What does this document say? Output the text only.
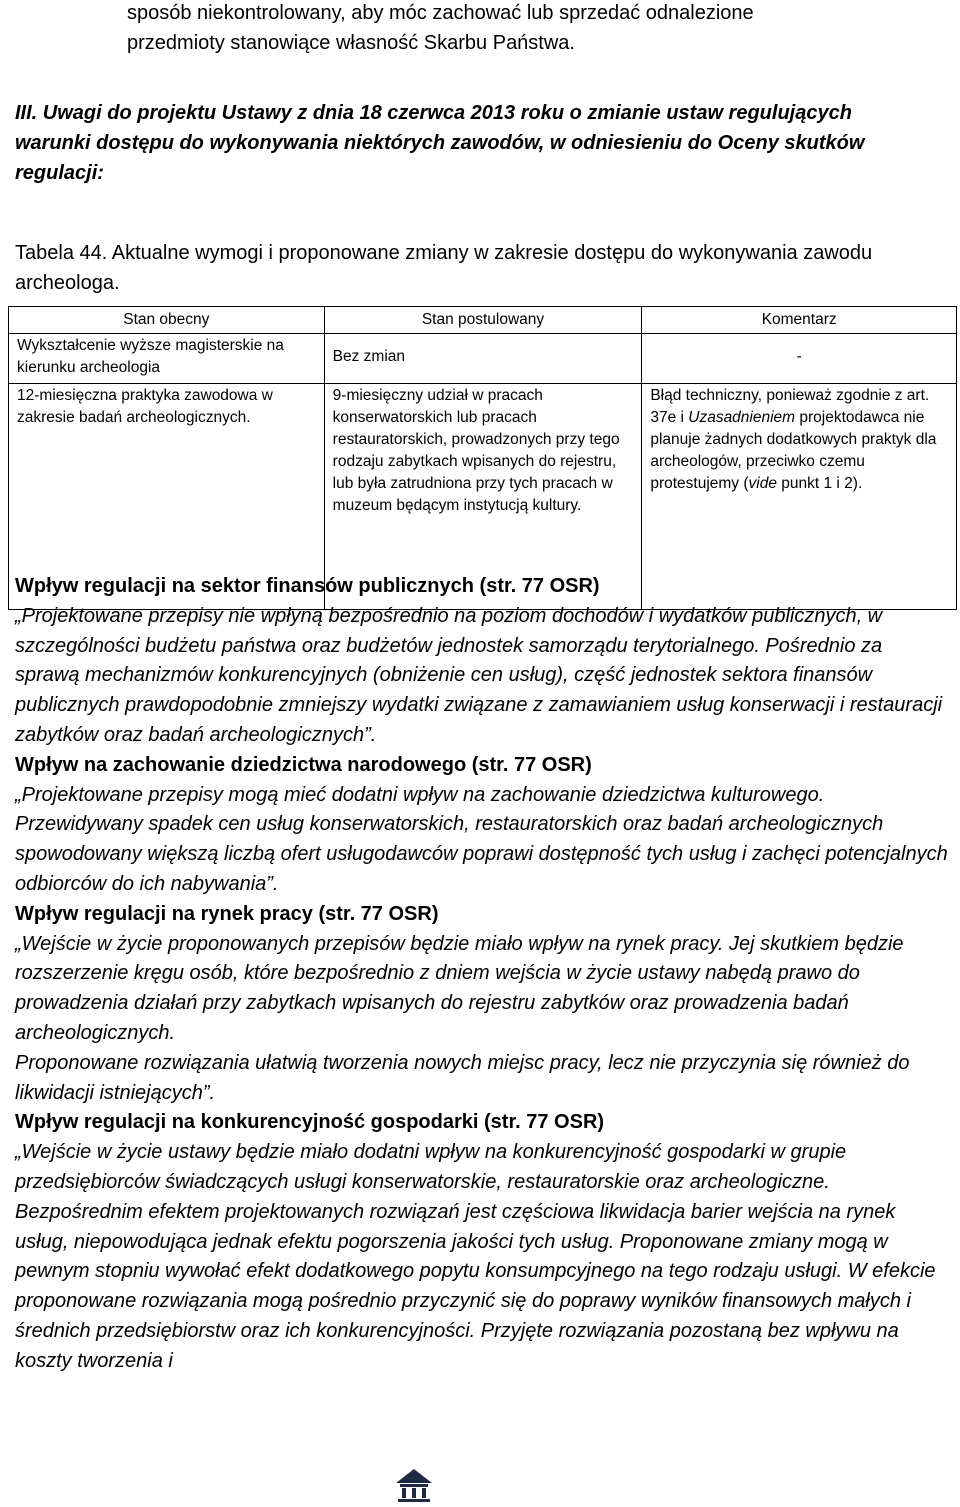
sposób niekontrolowany, aby móc zachować lub sprzedać odnalezione
przedmioty stanowiące własność Skarbu Państwa.
III. Uwagi do projektu Ustawy z dnia 18 czerwca 2013 roku o zmianie ustaw regulujących
warunki dostępu do wykonywania niektórych zawodów, w odniesieniu do Oceny skutków
regulacji:
Tabela 44. Aktualne wymogi i proponowane zmiany w zakresie dostępu do wykonywania zawodu archeologa.
Stan obecny	Stan postulowany	Komentarz
Wykształcenie wyższe magisterskie na kierunku archeologia	Bez zmian	-
12-miesięczna praktyka zawodowa w zakresie badań archeologicznych.	9-miesięczny udział w pracach konserwatorskich lub pracach restauratorskich, prowadzonych przy tego rodzaju zabytkach wpisanych do rejestru, lub była zatrudniona przy tych pracach w muzeum będącym instytucją kultury.	Błąd techniczny, ponieważ zgodnie z art. 37e i Uzasadnieniem projektodawca nie planuje żadnych dodatkowych praktyk dla archeologów, przeciwko czemu protestujemy (vide punkt 1 i 2).

Wpływ regulacji na sektor finansów publicznych (str. 77 OSR)

„Projektowane przepisy nie wpłyną bezpośrednio na poziom dochodów i wydatków publicznych, w szczególności budżetu państwa oraz budżetów jednostek samorządu terytorialnego. Pośrednio za sprawą mechanizmów konkurencyjnych (obniżenie cen usług), część jednostek sektora finansów publicznych prawdopodobnie zmniejszy wydatki związane z zamawianiem usług konserwacji i restauracji zabytków oraz badań archeologicznych”.

Wpływ na zachowanie dziedzictwa narodowego (str. 77 OSR)

„Projektowane przepisy mogą mieć dodatni wpływ na zachowanie dziedzictwa kulturowego. Przewidywany spadek cen usług konserwatorskich, restauratorskich oraz badań archeologicznych spowodowany większą liczbą ofert usługodawców poprawi dostępność tych usług i zachęci potencjalnych odbiorców do ich nabywania”.

Wpływ regulacji na rynek pracy (str. 77 OSR)

„Wejście w życie proponowanych przepisów będzie miało wpływ na rynek pracy. Jej skutkiem będzie rozszerzenie kręgu osób, które bezpośrednio z dniem wejścia w życie ustawy nabędą prawo do prowadzenia działań przy zabytkach wpisanych do rejestru zabytków oraz prowadzenia badań archeologicznych.

Proponowane rozwiązania ułatwią tworzenia nowych miejsc pracy, lecz nie przyczynia się również do likwidacji istniejących”.

Wpływ regulacji na konkurencyjność gospodarki (str. 77 OSR)

„Wejście w życie ustawy będzie miało dodatni wpływ na konkurencyjność gospodarki w grupie przedsiębiorców świadczących usługi konserwatorskie, restauratorskie oraz archeologiczne. Bezpośrednim efektem projektowanych rozwiązań jest częściowa likwidacja barier wejścia na rynek usług, niepowodująca jednak efektu pogorszenia jakości tych usług. Proponowane zmiany mogą w pewnym stopniu wywołać efekt dodatkowego popytu konsumpcyjnego na tego rodzaju usługi. W efekcie proponowane rozwiązania mogą pośrednio przyczynić się do poprawy wyników finansowych małych i średnich przedsiębiorstw oraz ich konkurencyjności. Przyjęte rozwiązania pozostaną bez wpływu na koszty tworzenia i
